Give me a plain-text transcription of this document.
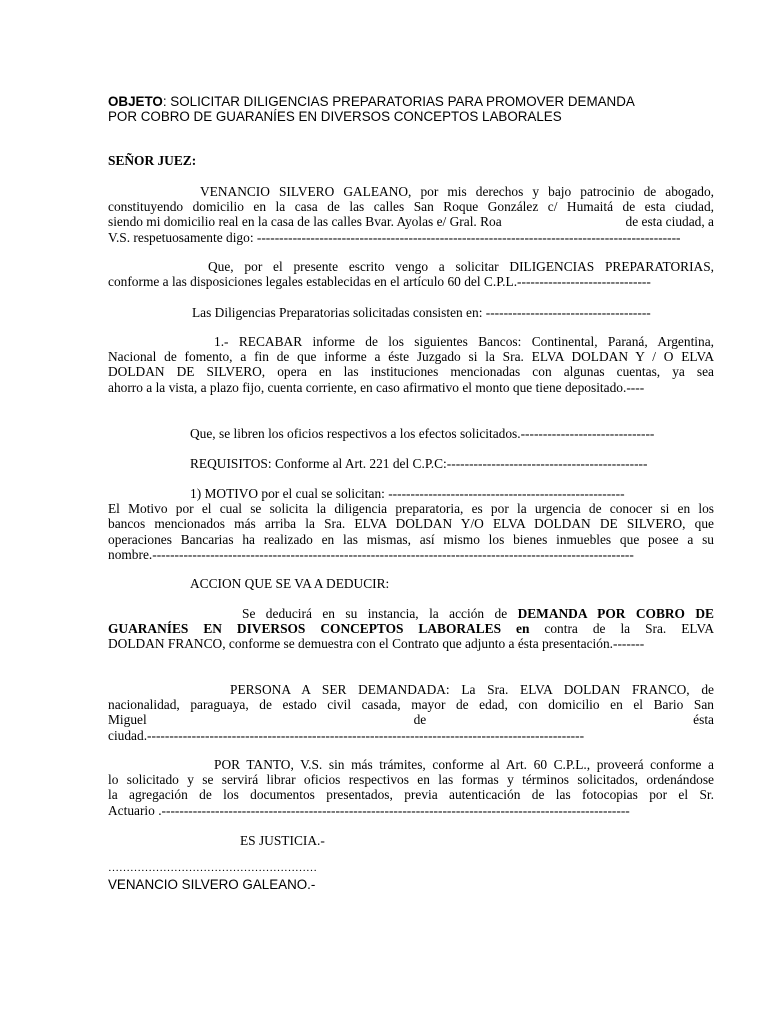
OBJETO: SOLICITAR DILIGENCIAS PREPARATORIAS PARA PROMOVER DEMANDA
POR COBRO DE GUARANÍES EN DIVERSOS CONCEPTOS LABORALES
SEÑOR JUEZ:
VENANCIO SILVERO GALEANO, por mis derechos y bajo patrocinio de abogado,
constituyendo domicilio en la casa de las calles San Roque González c/ Humaitá de esta ciudad,
siendo mi domicilio real en la casa de las calles Bvar. Ayolas e/ Gral. Roa	de esta ciudad, a
V.S. respetuosamente digo: -----------------------------------------------------------------------------------------------
Que, por el presente escrito vengo a solicitar DILIGENCIAS PREPARATORIAS,
conforme a las disposiciones legales establecidas en el artículo 60 del C.P.L.------------------------------
Las Diligencias Preparatorias solicitadas consisten en: -------------------------------------
1.- RECABAR informe de los siguientes Bancos: Continental, Paraná, Argentina,
Nacional de fomento, a fin de que informe a éste Juzgado si la Sra. ELVA DOLDAN Y / O ELVA
DOLDAN DE SILVERO, opera en las instituciones mencionadas con algunas cuentas, ya sea
ahorro a la vista, a plazo fijo, cuenta corriente, en caso afirmativo el monto que tiene depositado.----
Que, se libren los oficios respectivos a los efectos solicitados.------------------------------
REQUISITOS: Conforme al Art. 221 del C.P.C:---------------------------------------------
1) MOTIVO por el cual se solicitan: -----------------------------------------------------
El Motivo por el cual se solicita la diligencia preparatoria, es por la urgencia de conocer si en los
bancos mencionados más arriba la Sra. ELVA DOLDAN Y/O ELVA DOLDAN DE SILVERO, que
operaciones Bancarias ha realizado en las mismas, así mismo los bienes inmuebles que posee a su
nombre.------------------------------------------------------------------------------------------------------------
ACCION QUE SE VA A DEDUCIR:
Se deducirá en su instancia, la acción de DEMANDA POR COBRO DE
GUARANÍES EN DIVERSOS CONCEPTOS LABORALES en contra de la Sra. ELVA
DOLDAN FRANCO, conforme se demuestra con el Contrato que adjunto a ésta presentación.-------
PERSONA A SER DEMANDADA: La Sra. ELVA DOLDAN FRANCO, de
nacionalidad, paraguaya, de estado civil casada, mayor de edad, con domicilio en el Bario San
Miguel	de	ésta
ciudad.--------------------------------------------------------------------------------------------------
POR TANTO, V.S. sin más trámites, conforme al Art. 60 C.P.L., proveerá conforme a
lo solicitado y se servirá librar oficios respectivos en las formas y términos solicitados, ordenándose
la agregación de los documentos presentados, previa autenticación de las fotocopias por el Sr.
Actuario .---------------------------------------------------------------------------------------------------------
ES JUSTICIA.-
…………………………………………………
VENANCIO SILVERO GALEANO.-
